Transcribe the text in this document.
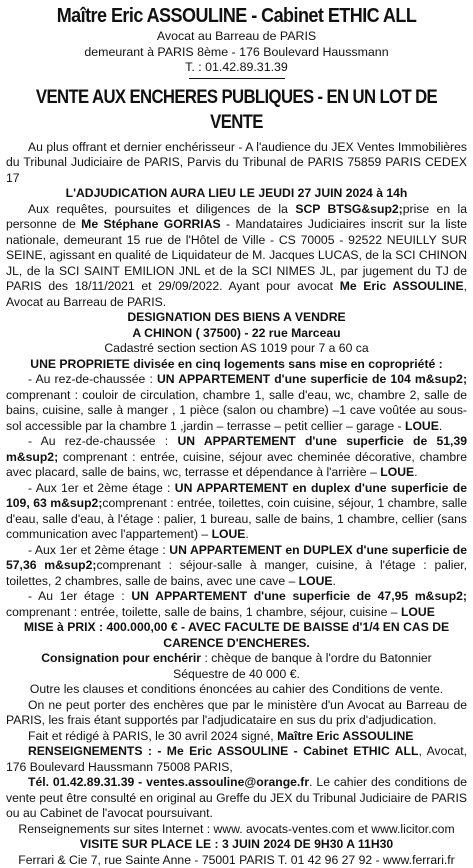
Maître Eric ASSOULINE - Cabinet ETHIC ALL
Avocat au Barreau de PARIS
demeurant à PARIS 8ème - 176 Boulevard Haussmann
T. : 01.42.89.31.39
VENTE AUX ENCHERES PUBLIQUES - EN UN LOT DE VENTE

Au plus offrant et dernier enchérisseur - A l'audience du JEX Ventes Immobilières du Tribunal Judiciaire de PARIS, Parvis du Tribunal de PARIS 75859 PARIS CEDEX 17

L'ADJUDICATION AURA LIEU LE JEUDI 27 JUIN 2024 à 14h

Aux requêtes, poursuites et diligences de la SCP BTSG&sup2;prise en la personne de Me Stéphane GORRIAS - Mandataires Judiciaires inscrit sur la liste nationale, demeurant 15 rue de l'Hôtel de Ville - CS 70005 - 92522 NEUILLY SUR SEINE, agissant en qualité de Liquidateur de M. Jacques LUCAS, de la SCI CHINON JL, de la SCI SAINT EMILION JNL et de la SCI NIMES JL, par jugement du TJ de PARIS des 18/11/2021 et 29/09/2022. Ayant pour avocat Me Eric ASSOULINE, Avocat au Barreau de PARIS.

DESIGNATION DES BIENS A VENDRE

A CHINON ( 37500) - 22 rue Marceau

Cadastré section section AS 1019 pour 7 a 60 ca

UNE PROPRIETE divisée en cinq logements sans mise en copropriété :

- Au rez-de-chaussée : UN APPARTEMENT d'une superficie de 104 m&sup2; comprenant : couloir de circulation, chambre 1, salle d'eau, wc, chambre 2, salle de bains, cuisine, salle à manger , 1 pièce (salon ou chambre) –1 cave voûtée au sous-sol accessible par la chambre 1 ,jardin – terrasse – petit cellier – garage - LOUE.

- Au rez-de-chaussée : UN APPARTEMENT d'une superficie de 51,39 m&sup2; comprenant : entrée, cuisine, séjour avec cheminée décorative, chambre avec placard, salle de bains, wc, terrasse et dépendance à l'arrière – LOUE.

- Aux 1er et 2ème étage : UN APPARTEMENT en duplex d'une superficie de 109, 63 m&sup2;comprenant : entrée, toilettes, coin cuisine, séjour, 1 chambre, salle d'eau, salle d'eau, à l'étage : palier, 1 bureau, salle de bains, 1 chambre, cellier (sans communication avec l'appartement) – LOUE.

- Aux 1er et 2ème étage : UN APPARTEMENT en DUPLEX d'une superficie de 57,36 m&sup2;comprenant : séjour-salle à manger, cuisine, à l'étage : palier, toilettes, 2 chambres, salle de bains, avec une cave – LOUE.

- Au 1er étage : UN APPARTEMENT d'une superficie de 47,95 m&sup2; comprenant : entrée, toilette, salle de bains, 1 chambre, séjour, cuisine – LOUE

MISE à PRIX : 400.000,00 € - AVEC FACULTE DE BAISSE d'1/4 EN CAS DE

CARENCE D'ENCHERES.

Consignation pour enchérir : chèque de banque à l'ordre du Batonnier

Séquestre de 40 000 €.

Outre les clauses et conditions énoncées au cahier des Conditions de vente.

On ne peut porter des enchères que par le ministère d'un Avocat au Barreau de PARIS, les frais étant supportés par l'adjudicataire en sus du prix d'adjudication.

Fait et rédigé à PARIS, le 30 avril 2024 signé, Maître Eric ASSOULINE

RENSEIGNEMENTS : - Me Eric ASSOULINE - Cabinet ETHIC ALL, Avocat, 176 Boulevard Haussmann 75008 PARIS,

Tél. 01.42.89.31.39 - ventes.assouline@orange.fr. Le cahier des conditions de vente peut être consulté en original au Greffe du JEX du Tribunal Judiciaire de PARIS ou au Cabinet de l'avocat poursuivant.

Renseignements sur sites Internet : www. avocats-ventes.com et www.licitor.com

VISITE SUR PLACE LE : 3 JUIN 2024 DE 9H30 A 11H30

Ferrari & Cie 7, rue Sainte Anne - 75001 PARIS T. 01 42 96 27 92 - www.ferrari.fr
